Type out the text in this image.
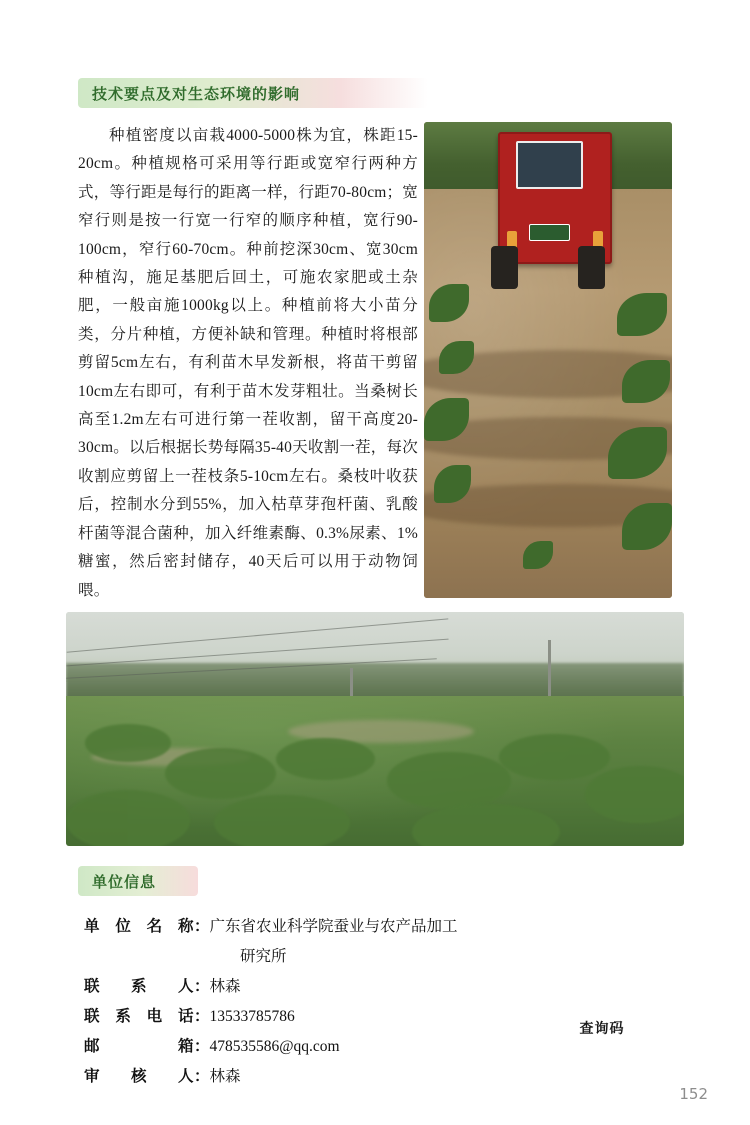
技术要点及对生态环境的影响
种植密度以亩栽4000-5000株为宜，株距15-20cm。种植规格可采用等行距或宽窄行两种方式，等行距是每行的距离一样，行距70-80cm；宽窄行则是按一行宽一行窄的顺序种植，宽行90-100cm，窄行60-70cm。种前挖深30cm、宽30cm种植沟，施足基肥后回土，可施农家肥或土杂肥，一般亩施1000kg以上。种植前将大小苗分类，分片种植，方便补缺和管理。种植时将根部剪留5cm左右，有利苗木早发新根，将苗干剪留10cm左右即可，有利于苗木发芽粗壮。当桑树长高至1.2m左右可进行第一茬收割，留干高度20-30cm。以后根据长势每隔35-40天收割一茬，每次收割应剪留上一茬枝条5-10cm左右。桑枝叶收获后，控制水分到55%，加入枯草芽孢杆菌、乳酸杆菌等混合菌种，加入纤维素酶、0.3%尿素、1%糖蜜，然后密封储存，40天后可以用于动物饲喂。
单位信息
单位名称 ： 广东省农业科学院蚕业与农产品加工
研究所
联系人 ： 林森
联系电话 ： 13533785786
邮箱 ： 478535586@qq.com
审核人 ： 林森
查询码
152
